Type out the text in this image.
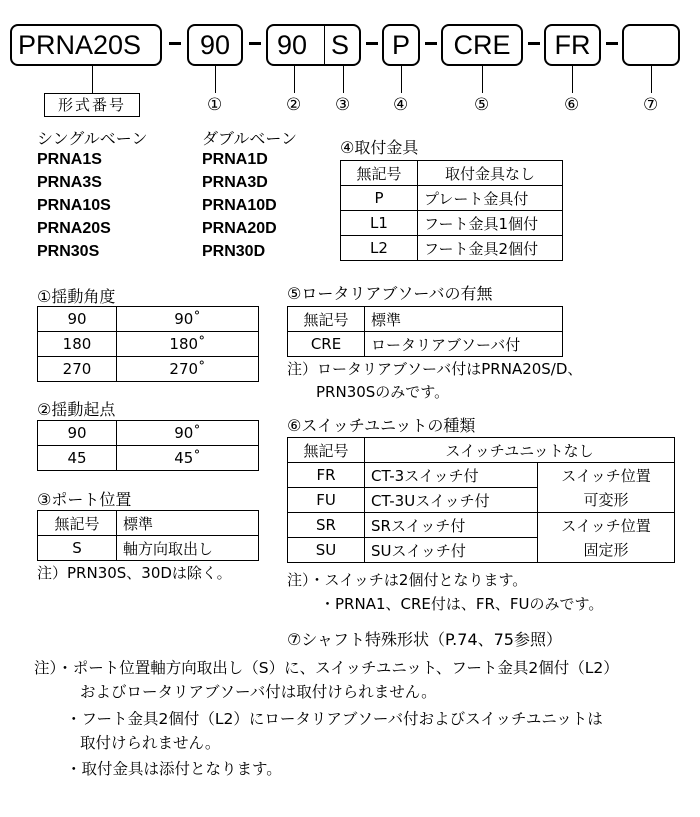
PRNA20S	90	90 S	P	CRE	FR
形式番号	①	② ③	④	⑤	⑥	⑦
シングルベーン	ダブルベーン
PRNA1S
PRNA3S
PRNA10S
PRNA20S
PRN30S
PRNA1D
PRNA3D
PRNA10D
PRNA20D
PRN30D
④取付金具
無記号	取付金具なし
P	プレート金具付
L1	フート金具1個付
L2	フート金具2個付
①揺動角度
90	90˚
180	180˚
270	270˚
②揺動起点
90	90˚
45	45˚
③ポート位置
無記号	標準
S	軸方向取出し
注）PRN30S、30Dは除く。
⑤ロータリアブソーバの有無
無記号	標準
CRE	ロータリアブソーバ付
注）ロータリアブソーバ付はPRNA20S/D、
PRN30Sのみです。
⑥スイッチユニットの種類
無記号	スイッチユニットなし	
FR	CT-3スイッチ付	スイッチ位置
可変形
FU	CT-3Uスイッチ付	
SR	SRスイッチ付	スイッチ位置
固定形
SU	SUスイッチ付	
注）・スイッチは2個付となります。
・PRNA1、CRE付は、FR、FUのみです。
⑦シャフト特殊形状（P.74、75参照）
注）・ポート位置軸方向取出し（S）に、スイッチユニット、フート金具2個付（L2）
およびロータリアブソーバ付は取付けられません。
・フート金具2個付（L2）にロータリアブソーバ付およびスイッチユニットは
取付けられません。
・取付金具は添付となります。
